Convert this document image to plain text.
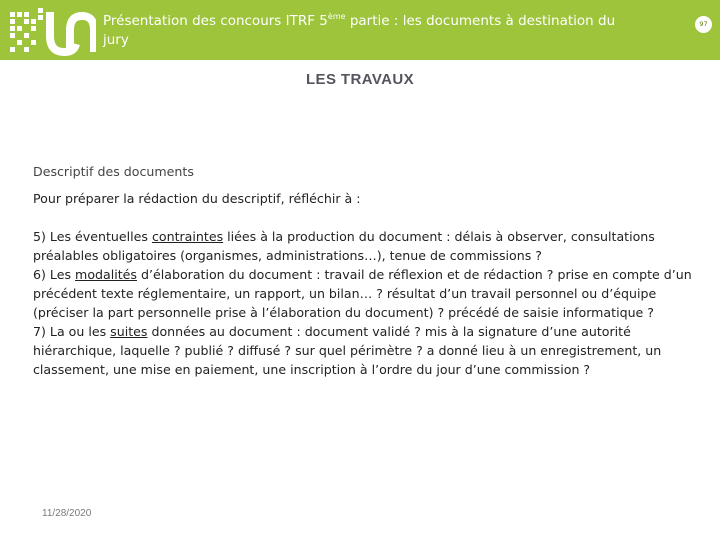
Présentation des concours ITRF 5ème partie : les documents à destination du jury
97
LES TRAVAUX

Descriptif des documents

Pour préparer la rédaction du descriptif, réfléchir à :

5) Les éventuelles contraintes liées à la production du document : délais à observer, consultations préalables obligatoires (organismes, administrations…), tenue de commissions ?

6) Les modalités d’élaboration du document : travail de réflexion et de rédaction ? prise en compte d’un précédent texte réglementaire, un rapport, un bilan… ? résultat d’un travail personnel ou d’équipe (préciser la part personnelle prise à l’élaboration du document) ? précédé de saisie informatique ?

7) La ou les suites données au document : document validé ? mis à la signature d’une autorité hiérarchique, laquelle ? publié ? diffusé ? sur quel périmètre ? a donné lieu à un enregistrement, un classement, une mise en paiement, une inscription à l’ordre du jour d’une commission ?

11/28/2020
